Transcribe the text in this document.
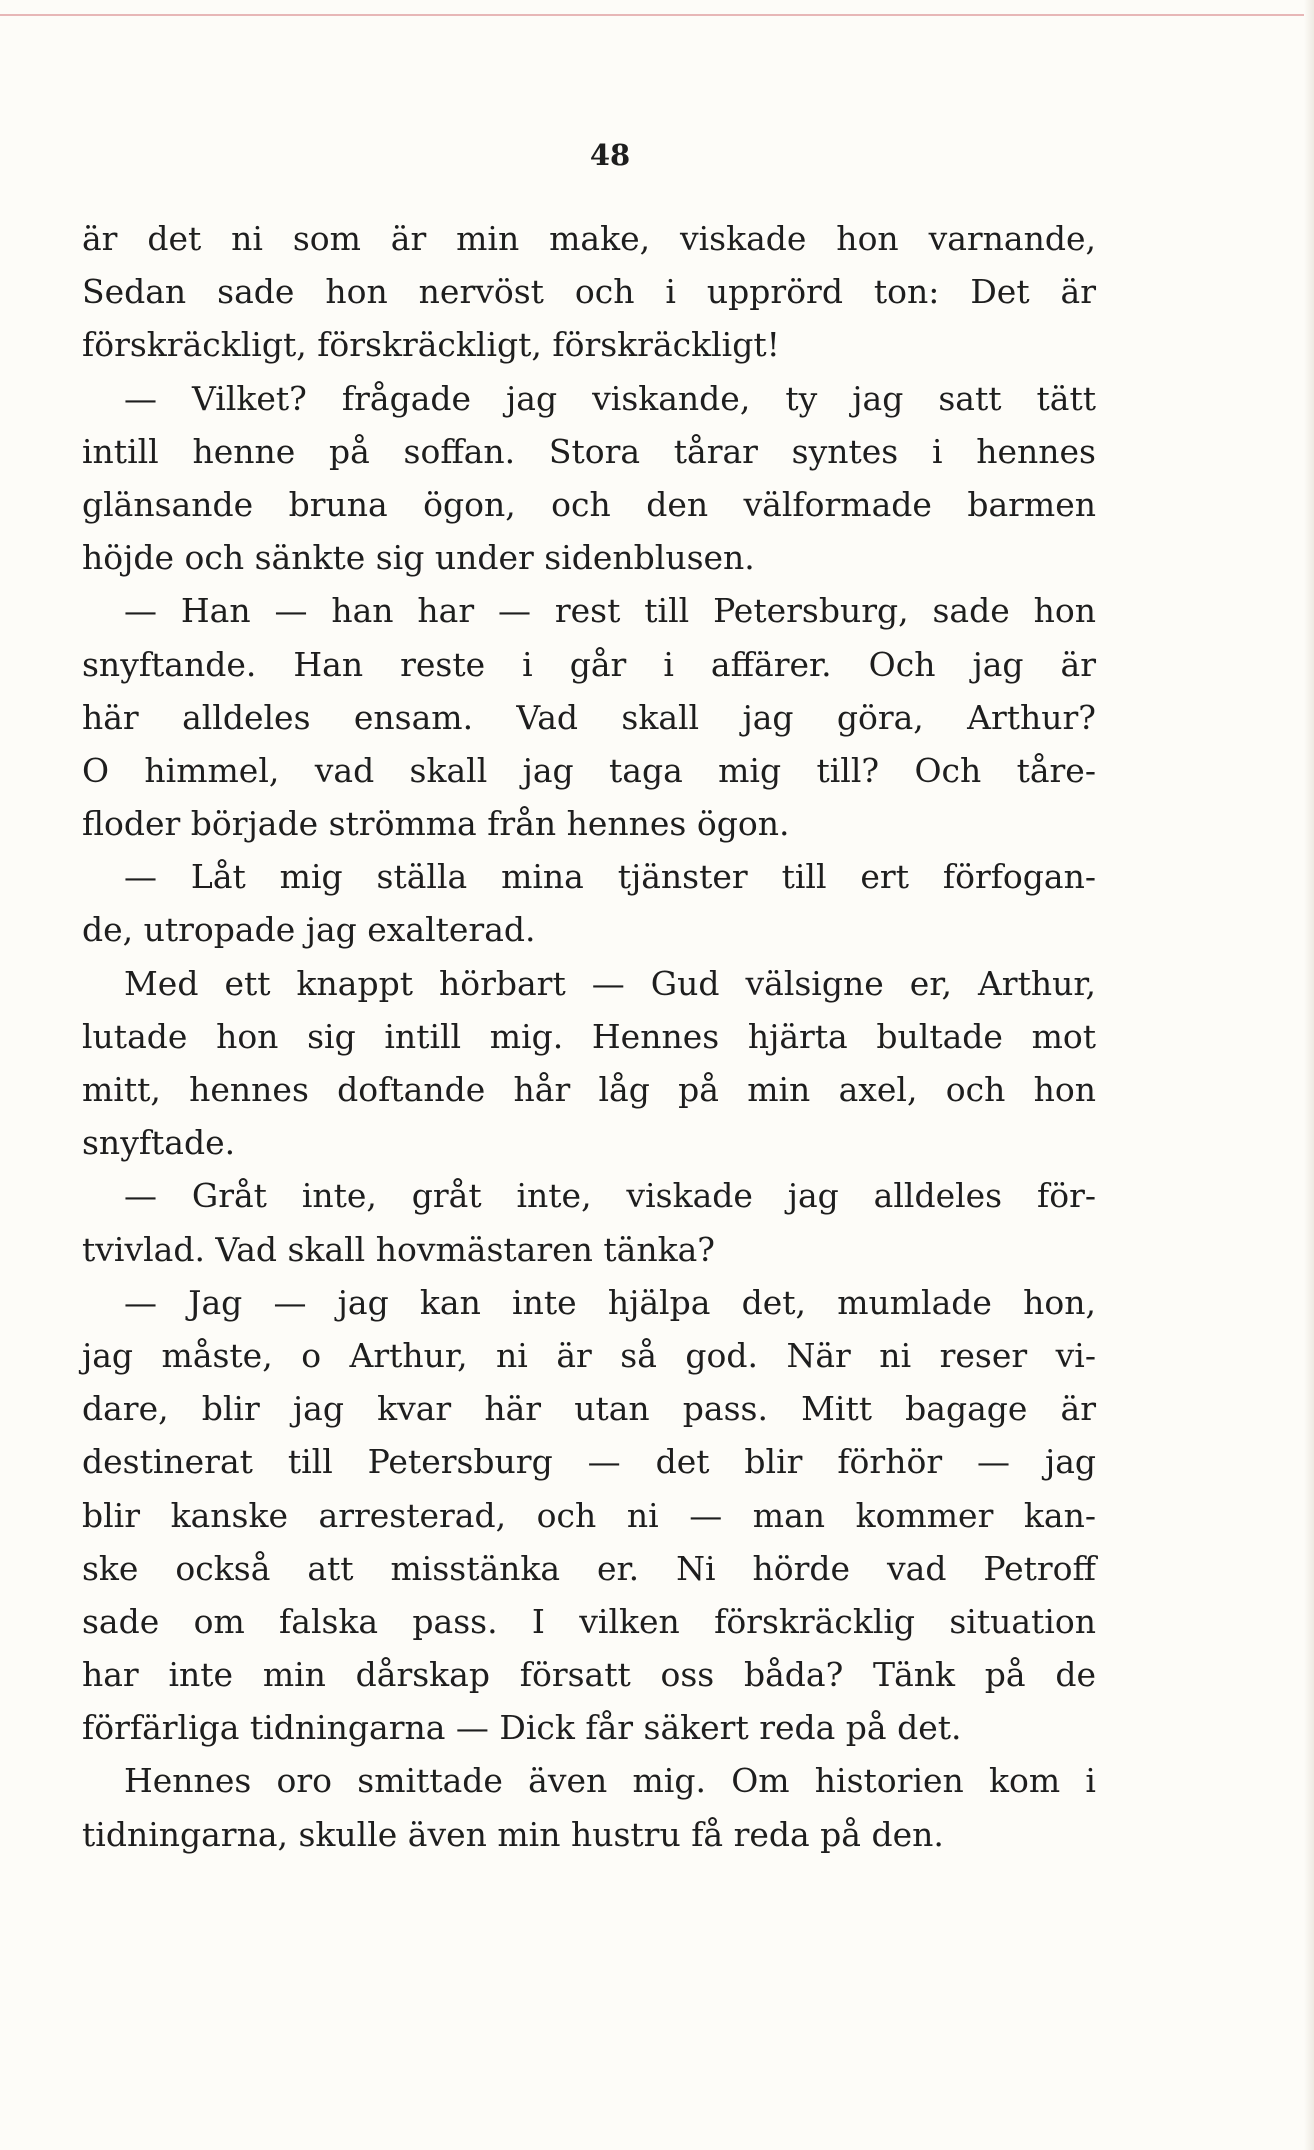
48
är det ni som är min make, viskade hon varnande,
Sedan sade hon nervöst och i upprörd ton: Det är
förskräckligt, förskräckligt, förskräckligt!
— Vilket? frågade jag viskande, ty jag satt tätt
intill henne på soffan. Stora tårar syntes i hennes
glänsande bruna ögon, och den välformade barmen
höjde och sänkte sig under sidenblusen.
— Han — han har — rest till Petersburg, sade hon
snyftande. Han reste i går i affärer. Och jag är
här alldeles ensam. Vad skall jag göra, Arthur?
O himmel, vad skall jag taga mig till? Och tåre-
floder började strömma från hennes ögon.
— Låt mig ställa mina tjänster till ert förfogan-
de, utropade jag exalterad.
Med ett knappt hörbart — Gud välsigne er, Arthur,
lutade hon sig intill mig. Hennes hjärta bultade mot
mitt, hennes doftande hår låg på min axel, och hon
snyftade.
— Gråt inte, gråt inte, viskade jag alldeles för-
tvivlad. Vad skall hovmästaren tänka?
— Jag — jag kan inte hjälpa det, mumlade hon,
jag måste, o Arthur, ni är så god. När ni reser vi-
dare, blir jag kvar här utan pass. Mitt bagage är
destinerat till Petersburg — det blir förhör — jag
blir kanske arresterad, och ni — man kommer kan-
ske också att misstänka er. Ni hörde vad Petroff
sade om falska pass. I vilken förskräcklig situation
har inte min dårskap försatt oss båda? Tänk på de
förfärliga tidningarna — Dick får säkert reda på det.
Hennes oro smittade även mig. Om historien kom i
tidningarna, skulle även min hustru få reda på den.
